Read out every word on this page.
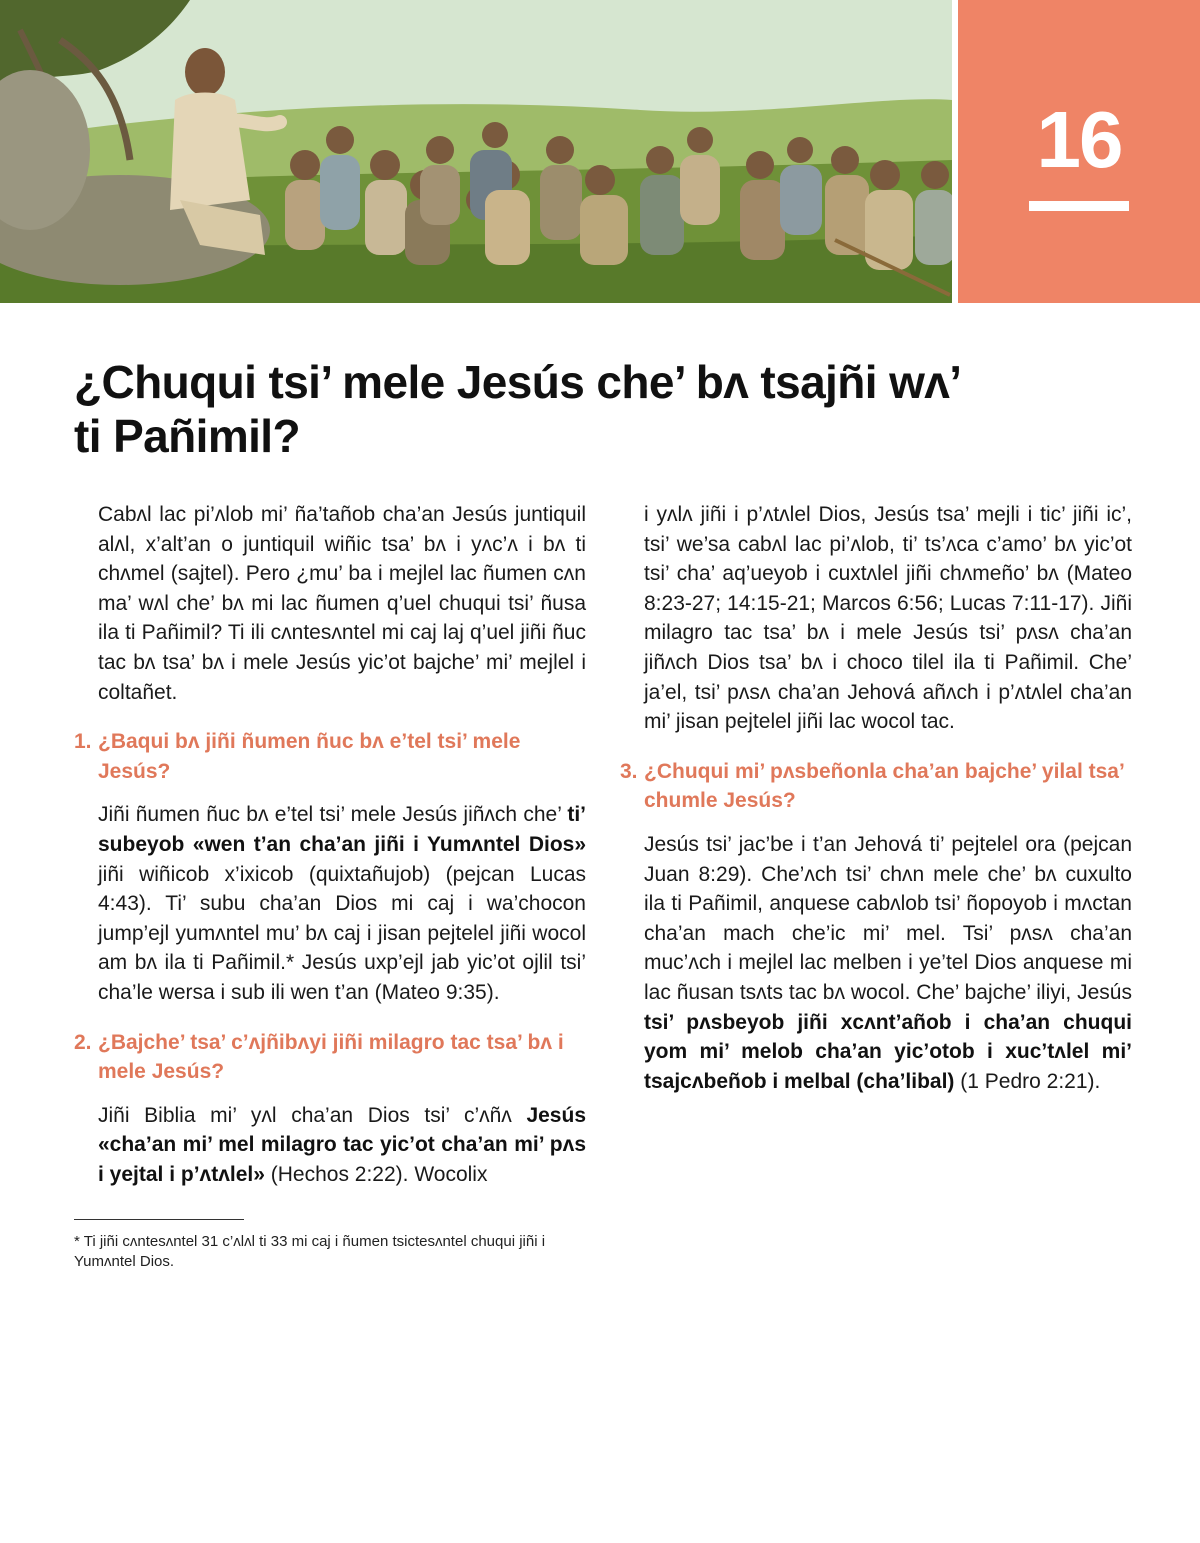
16
¿Chuqui tsi’ mele Jesús che’ bʌ tsajñi wʌ’ ti Pañimil?

Cabʌl lac pi’ʌlob mi’ ña’tañob cha’an Jesús juntiquil alʌl, x’alt’an o juntiquil wiñic tsa’ bʌ i yʌc’ʌ i bʌ ti chʌmel (sajtel). Pero ¿mu’ ba i mejlel lac ñumen cʌn ma’ wʌl che’ bʌ mi lac ñumen q’uel chuqui tsi’ ñusa ila ti Pañimil? Ti ili cʌntesʌntel mi caj laj q’uel jiñi ñuc tac bʌ tsa’ bʌ i mele Jesús yic’ot bajche’ mi’ mejlel i coltañet.

1. ¿Baqui bʌ jiñi ñumen ñuc bʌ e’tel tsi’ mele Jesús?

Jiñi ñumen ñuc bʌ e’tel tsi’ mele Jesús jiñʌch che’ ti’ subeyob «wen t’an cha’an jiñi i Yumʌntel Dios» jiñi wiñicob x’ixicob (quixtañujob) (pejcan Lucas 4:43). Ti’ subu cha’an Dios mi caj i wa’chocon jump’ejl yumʌntel mu’ bʌ caj i jisan pejtelel jiñi wocol am bʌ ila ti Pañimil.* Jesús uxp’ejl jab yic’ot ojlil tsi’ cha’le wersa i sub ili wen t’an (Mateo 9:35).

2. ¿Bajche’ tsa’ c’ʌjñibʌyi jiñi milagro tac tsa’ bʌ i mele Jesús?

Jiñi Biblia mi’ yʌl cha’an Dios tsi’ c’ʌñʌ Jesús «cha’an mi’ mel milagro tac yic’ot cha’an mi’ pʌs i yejtal i p’ʌtʌlel» (Hechos 2:22). Wocolix

i yʌlʌ jiñi i p’ʌtʌlel Dios, Jesús tsa’ mejli i tic’ jiñi ic’, tsi’ we’sa cabʌl lac pi’ʌlob, ti’ ts’ʌca c’amo’ bʌ yic’ot tsi’ cha’ aq’ueyob i cuxtʌlel jiñi chʌmeño’ bʌ (Mateo 8:23-27; 14:15-21; Marcos 6:56; Lucas 7:11-17). Jiñi milagro tac tsa’ bʌ i mele Jesús tsi’ pʌsʌ cha’an jiñʌch Dios tsa’ bʌ i choco tilel ila ti Pañimil. Che’ ja’el, tsi’ pʌsʌ cha’an Jehová añʌch i p’ʌtʌlel cha’an mi’ jisan pejtelel jiñi lac wocol tac.

3. ¿Chuqui mi’ pʌsbeñonla cha’an bajche’ yilal tsa’ chumle Jesús?

Jesús tsi’ jac’be i t’an Jehová ti’ pejtelel ora (pejcan Juan 8:29). Che’ʌch tsi’ chʌn mele che’ bʌ cuxulto ila ti Pañimil, anquese cabʌlob tsi’ ñopoyob i mʌctan cha’an mach che’ic mi’ mel. Tsi’ pʌsʌ cha’an muc’ʌch i mejlel lac melben i ye’tel Dios anquese mi lac ñusan tsʌts tac bʌ wocol. Che’ bajche’ iliyi, Jesús tsi’ pʌsbeyob jiñi xcʌnt’añob i cha’an chuqui yom mi’ melob cha’an yic’otob i xuc’tʌlel mi’ tsajcʌbeñob i melbal (cha’libal) (1 Pedro 2:21).

* Ti jiñi cʌntesʌntel 31 c’ʌlʌl ti 33 mi caj i ñumen tsictesʌntel chuqui jiñi i Yumʌntel Dios.
